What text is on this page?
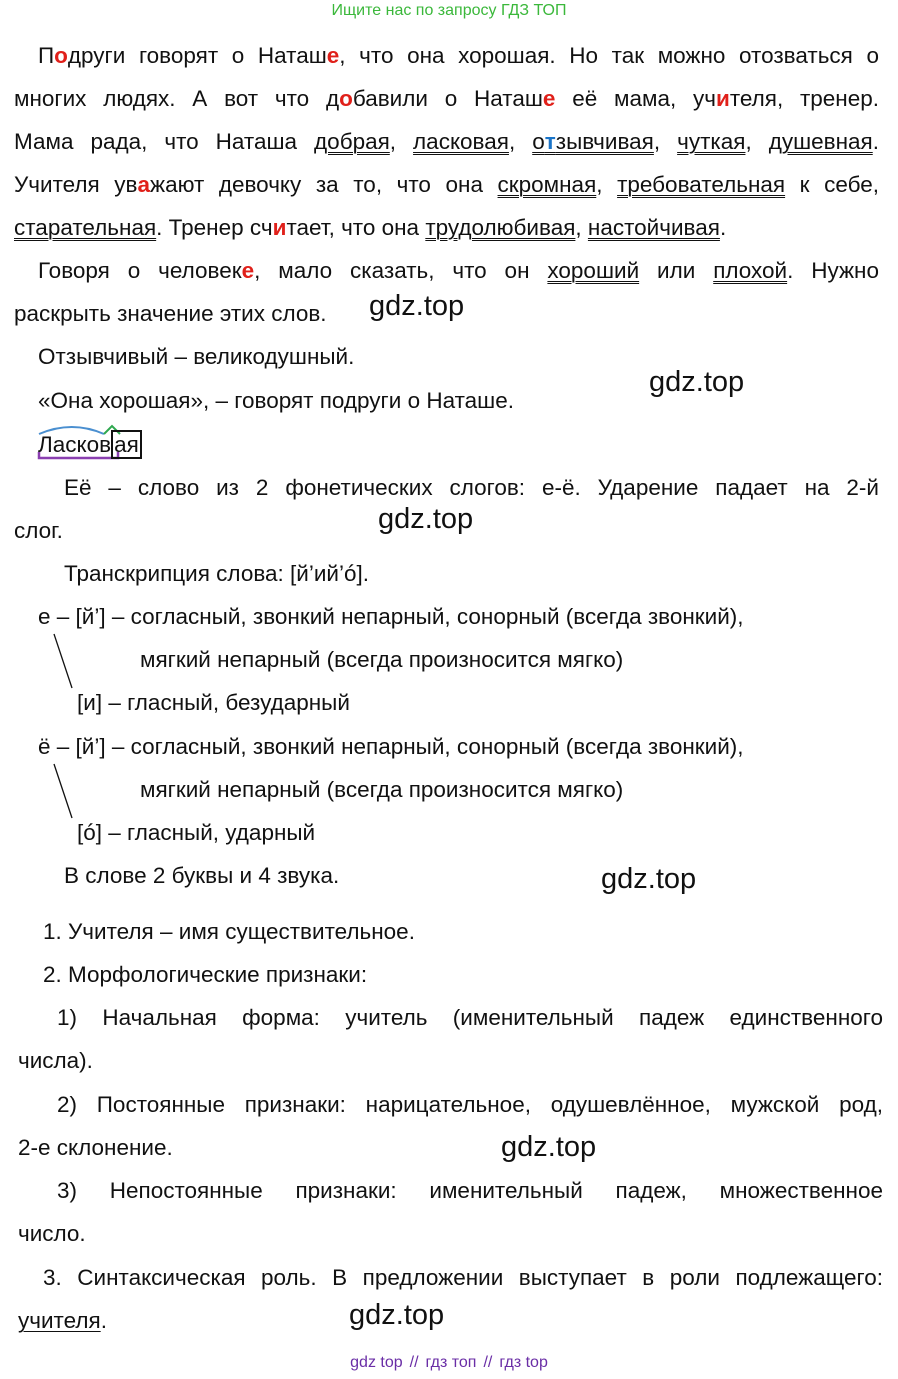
Ищите нас по запросу ГДЗ ТОП
Подруги говорят о Наташе, что она хорошая. Но так можно отозваться о
многих людях. А вот что добавили о Наташе её мама, учителя, тренер.
Мама рада, что Наташа добрая, ласковая, отзывчивая, чуткая, душевная.
Учителя уважают девочку за то, что она скромная, требовательная к себе,
старательная. Тренер считает, что она трудолюбивая, настойчивая.
Говоря о человеке, мало сказать, что он хороший или плохой. Нужно
раскрыть значение этих слов.	gdz.top
Отзывчивый – великодушный.
gdz.top
«Она хорошая», – говорят подруги о Наташе.
Ласков ая
Её – слово из 2 фонетических слогов: е-ё. Ударение падает на 2-й
слог.	gdz.top
Транскрипция слова: [й’ий’ó].
е – [й’] – согласный, звонкий непарный, сонорный (всегда звонкий),
мягкий непарный (всегда произносится мягко)
[и] – гласный, безударный
ё – [й’] – согласный, звонкий непарный, сонорный (всегда звонкий),
мягкий непарный (всегда произносится мягко)
[ó] – гласный, ударный
В слове 2 буквы и 4 звука.	gdz.top
1. Учителя – имя существительное.
2. Морфологические признаки:
1) Начальная форма: учитель (именительный падеж единственного
числа).
2) Постоянные признаки: нарицательное, одушевлённое, мужской род,
2-е склонение.	gdz.top
3) Непостоянные признаки: именительный падеж, множественное
число.
3. Синтаксическая роль. В предложении выступает в роли подлежащего:
учителя.	gdz.top
gdz top // гдз топ // гдз top
